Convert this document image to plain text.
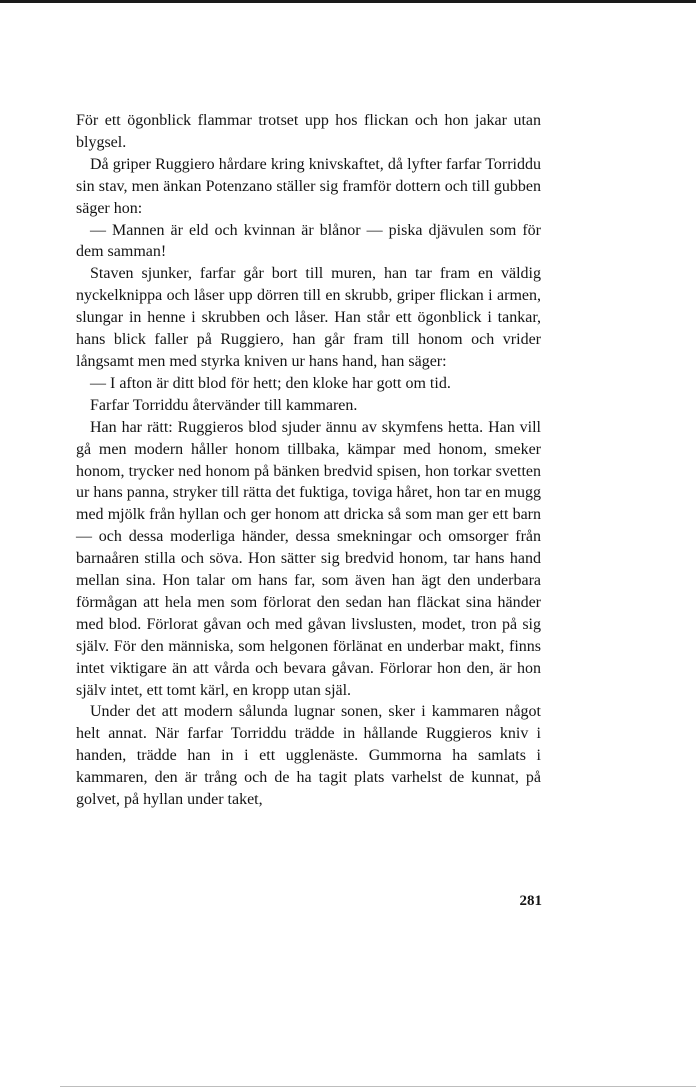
För ett ögonblick flammar trotset upp hos flickan och hon jakar utan blygsel.

Då griper Ruggiero hårdare kring knivskaftet, då lyfter farfar Torriddu sin stav, men änkan Potenzano ställer sig framför dottern och till gubben säger hon:

— Mannen är eld och kvinnan är blånor — piska djävulen som för dem samman!

Staven sjunker, farfar går bort till muren, han tar fram en väldig nyckelknippa och låser upp dörren till en skrubb, griper flickan i armen, slungar in henne i skrubben och låser. Han står ett ögonblick i tankar, hans blick faller på Ruggiero, han går fram till honom och vrider långsamt men med styrka kniven ur hans hand, han säger:

— I afton är ditt blod för hett; den kloke har gott om tid.

Farfar Torriddu återvänder till kammaren.

Han har rätt: Ruggieros blod sjuder ännu av skymfens hetta. Han vill gå men modern håller honom tillbaka, kämpar med honom, smeker honom, trycker ned honom på bänken bredvid spisen, hon torkar svetten ur hans panna, stryker till rätta det fuktiga, toviga håret, hon tar en mugg med mjölk från hyllan och ger honom att dricka så som man ger ett barn — och dessa moderliga händer, dessa smekningar och omsorger från barnaåren stilla och söva. Hon sätter sig bredvid honom, tar hans hand mellan sina. Hon talar om hans far, som även han ägt den underbara förmågan att hela men som förlorat den sedan han fläckat sina händer med blod. Förlorat gåvan och med gåvan livslusten, modet, tron på sig själv. För den människa, som helgonen förlänat en underbar makt, finns intet viktigare än att vårda och bevara gåvan. Förlorar hon den, är hon själv intet, ett tomt kärl, en kropp utan själ.

Under det att modern sålunda lugnar sonen, sker i kammaren något helt annat. När farfar Torriddu trädde in hållande Ruggieros kniv i handen, trädde han in i ett ugglenäste. Gummorna ha samlats i kammaren, den är trång och de ha tagit plats varhelst de kunnat, på golvet, på hyllan under taket,

281
